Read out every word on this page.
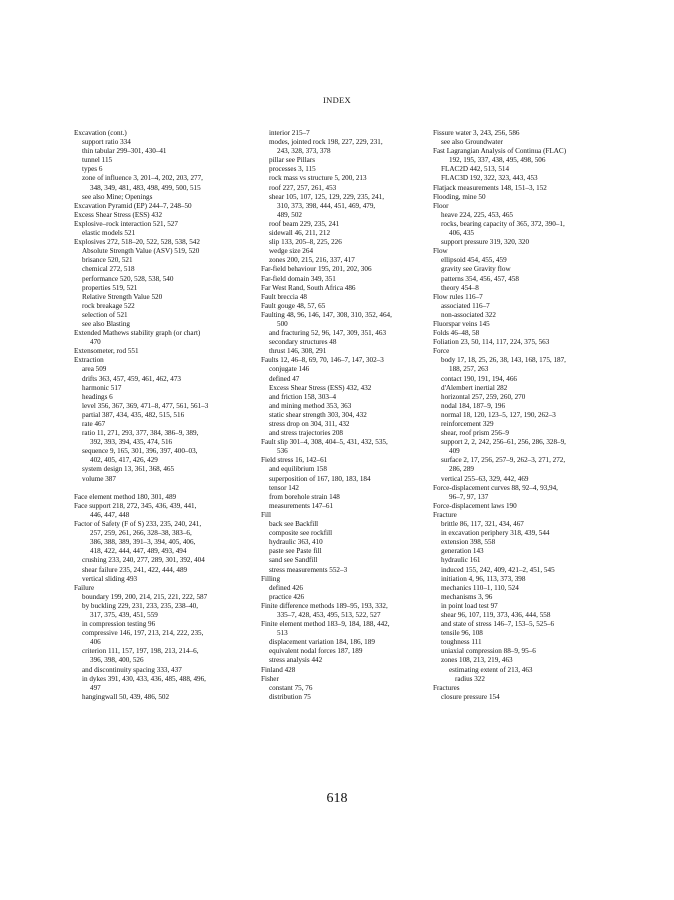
INDEX
Excavation (cont.)
support ratio 334
thin tabular 299–301, 430–41
tunnel 115
types 6
zone of influence 3, 201–4, 202, 203, 277,
348, 349, 481, 483, 498, 499, 500, 515
see also Mine; Openings
Excavation Pyramid (EP) 244–7, 248–50
Excess Shear Stress (ESS) 432
Explosive–rock interaction 521, 527
elastic models 521
Explosives 272, 518–20, 522, 528, 538, 542
Absolute Strength Value (ASV) 519, 520
brisance 520, 521
chemical 272, 518
performance 520, 528, 538, 540
properties 519, 521
Relative Strength Value 520
rock breakage 522
selection of 521
see also Blasting
Extended Mathews stability graph (or chart)
470
Extensometer, rod 551
Extraction
area 509
drifts 363, 457, 459, 461, 462, 473
harmonic 517
headings 6
level 356, 367, 369, 471–8, 477, 561, 561–3
partial 387, 434, 435, 482, 515, 516
rate 467
ratio 11, 271, 293, 377, 384, 386–9, 389,
392, 393, 394, 435, 474, 516
sequence 9, 165, 301, 396, 397, 400–03,
402, 405, 417, 426, 429
system design 13, 361, 368, 465
volume 387
Face element method 180, 301, 489
Face support 218, 272, 345, 436, 439, 441,
446, 447, 448
Factor of Safety (F of S) 233, 235, 240, 241,
257, 259, 261, 266, 328–38, 383–6,
386, 388, 389, 391–3, 394, 405, 406,
418, 422, 444, 447, 489, 493, 494
crushing 233, 240, 277, 289, 301, 392, 404
shear failure 235, 241, 422, 444, 489
vertical sliding 493
Failure
boundary 199, 200, 214, 215, 221, 222, 587
by buckling 229, 231, 233, 235, 238–40,
317, 375, 439, 451, 559
in compression testing 96
compressive 146, 197, 213, 214, 222, 235,
406
criterion 111, 157, 197, 198, 213, 214–6,
396, 398, 400, 526
and discontinuity spacing 333, 437
in dykes 391, 430, 433, 436, 485, 488, 496,
497
hangingwall 50, 439, 486, 502
interior 215–7
modes, jointed rock 198, 227, 229, 231,
243, 328, 373, 378
pillar see Pillars
processes 3, 115
rock mass vs structure 5, 200, 213
roof 227, 257, 261, 453
shear 105, 107, 125, 129, 229, 235, 241,
310, 373, 398, 444, 451, 469, 479,
489, 502
roof beam 229, 235, 241
sidewall 46, 211, 212
slip 133, 205–8, 225, 226
wedge size 264
zones 200, 215, 216, 337, 417
Far-field behaviour 195, 201, 202, 306
Far-field domain 349, 351
Far West Rand, South Africa 486
Fault breccia 48
Fault gouge 48, 57, 65
Faulting 48, 96, 146, 147, 308, 310, 352, 464,
500
and fracturing 52, 96, 147, 309, 351, 463
secondary structures 48
thrust 146, 308, 291
Faults 12, 46–8, 69, 70, 146–7, 147, 302–3
conjugate 146
defined 47
Excess Shear Stress (ESS) 432, 432
and friction 158, 303–4
and mining method 353, 363
static shear strength 303, 304, 432
stress drop on 304, 311, 432
and stress trajectories 208
Fault slip 301–4, 308, 404–5, 431, 432, 535,
536
Field stress 16, 142–61
and equilibrium 158
superposition of 167, 180, 183, 184
tensor 142
from borehole strain 148
measurements 147–61
Fill
back see Backfill
composite see rockfill
hydraulic 363, 410
paste see Paste fill
sand see Sandfill
stress measurements 552–3
Filling
defined 426
practice 426
Finite difference methods 189–95, 193, 332,
335–7, 428, 453, 495, 513, 522, 527
Finite element method 183–9, 184, 188, 442,
513
displacement variation 184, 186, 189
equivalent nodal forces 187, 189
stress analysis 442
Finland 428
Fisher
constant 75, 76
distribution 75
Fissure water 3, 243, 256, 586
see also Groundwater
Fast Lagrangian Analysis of Continua (FLAC)
192, 195, 337, 438, 495, 498, 506
FLAC2D 442, 513, 514
FLAC3D 192, 322, 323, 443, 453
Flatjack measurements 148, 151–3, 152
Flooding, mine 50
Floor
heave 224, 225, 453, 465
rocks, bearing capacity of 365, 372, 390–1,
406, 435
support pressure 319, 320, 320
Flow
ellipsoid 454, 455, 459
gravity see Gravity flow
patterns 354, 456, 457, 458
theory 454–8
Flow rules 116–7
associated 116–7
non-associated 322
Fluorspar veins 145
Folds 46–48, 58
Foliation 23, 50, 114, 117, 224, 375, 563
Force
body 17, 18, 25, 26, 38, 143, 168, 175, 187,
188, 257, 263
contact 190, 191, 194, 466
d'Alembert inertial 282
horizontal 257, 259, 260, 270
nodal 184, 187–9, 196
normal 18, 120, 123–5, 127, 190, 262–3
reinforcement 329
shear, roof prism 256–9
support 2, 2, 242, 256–61, 256, 286, 328–9,
409
surface 2, 17, 256, 257–9, 262–3, 271, 272,
286, 289
vertical 255–63, 329, 442, 469
Force-displacement curves 88, 92–4, 93,94,
96–7, 97, 137
Force-displacement laws 190
Fracture
brittle 86, 117, 321, 434, 467
in excavation periphery 318, 439, 544
extension 398, 558
generation 143
hydraulic 161
induced 155, 242, 409, 421–2, 451, 545
initiation 4, 96, 113, 373, 398
mechanics 110–1, 110, 524
mechanisms 3, 96
in point load test 97
shear 96, 107, 119, 373, 436, 444, 558
and state of stress 146–7, 153–5, 525–6
tensile 96, 108
toughness 111
uniaxial compression 88–9, 95–6
zones 108, 213, 219, 463
estimating extent of 213, 463
radius 322
Fractures
closure pressure 154
618
